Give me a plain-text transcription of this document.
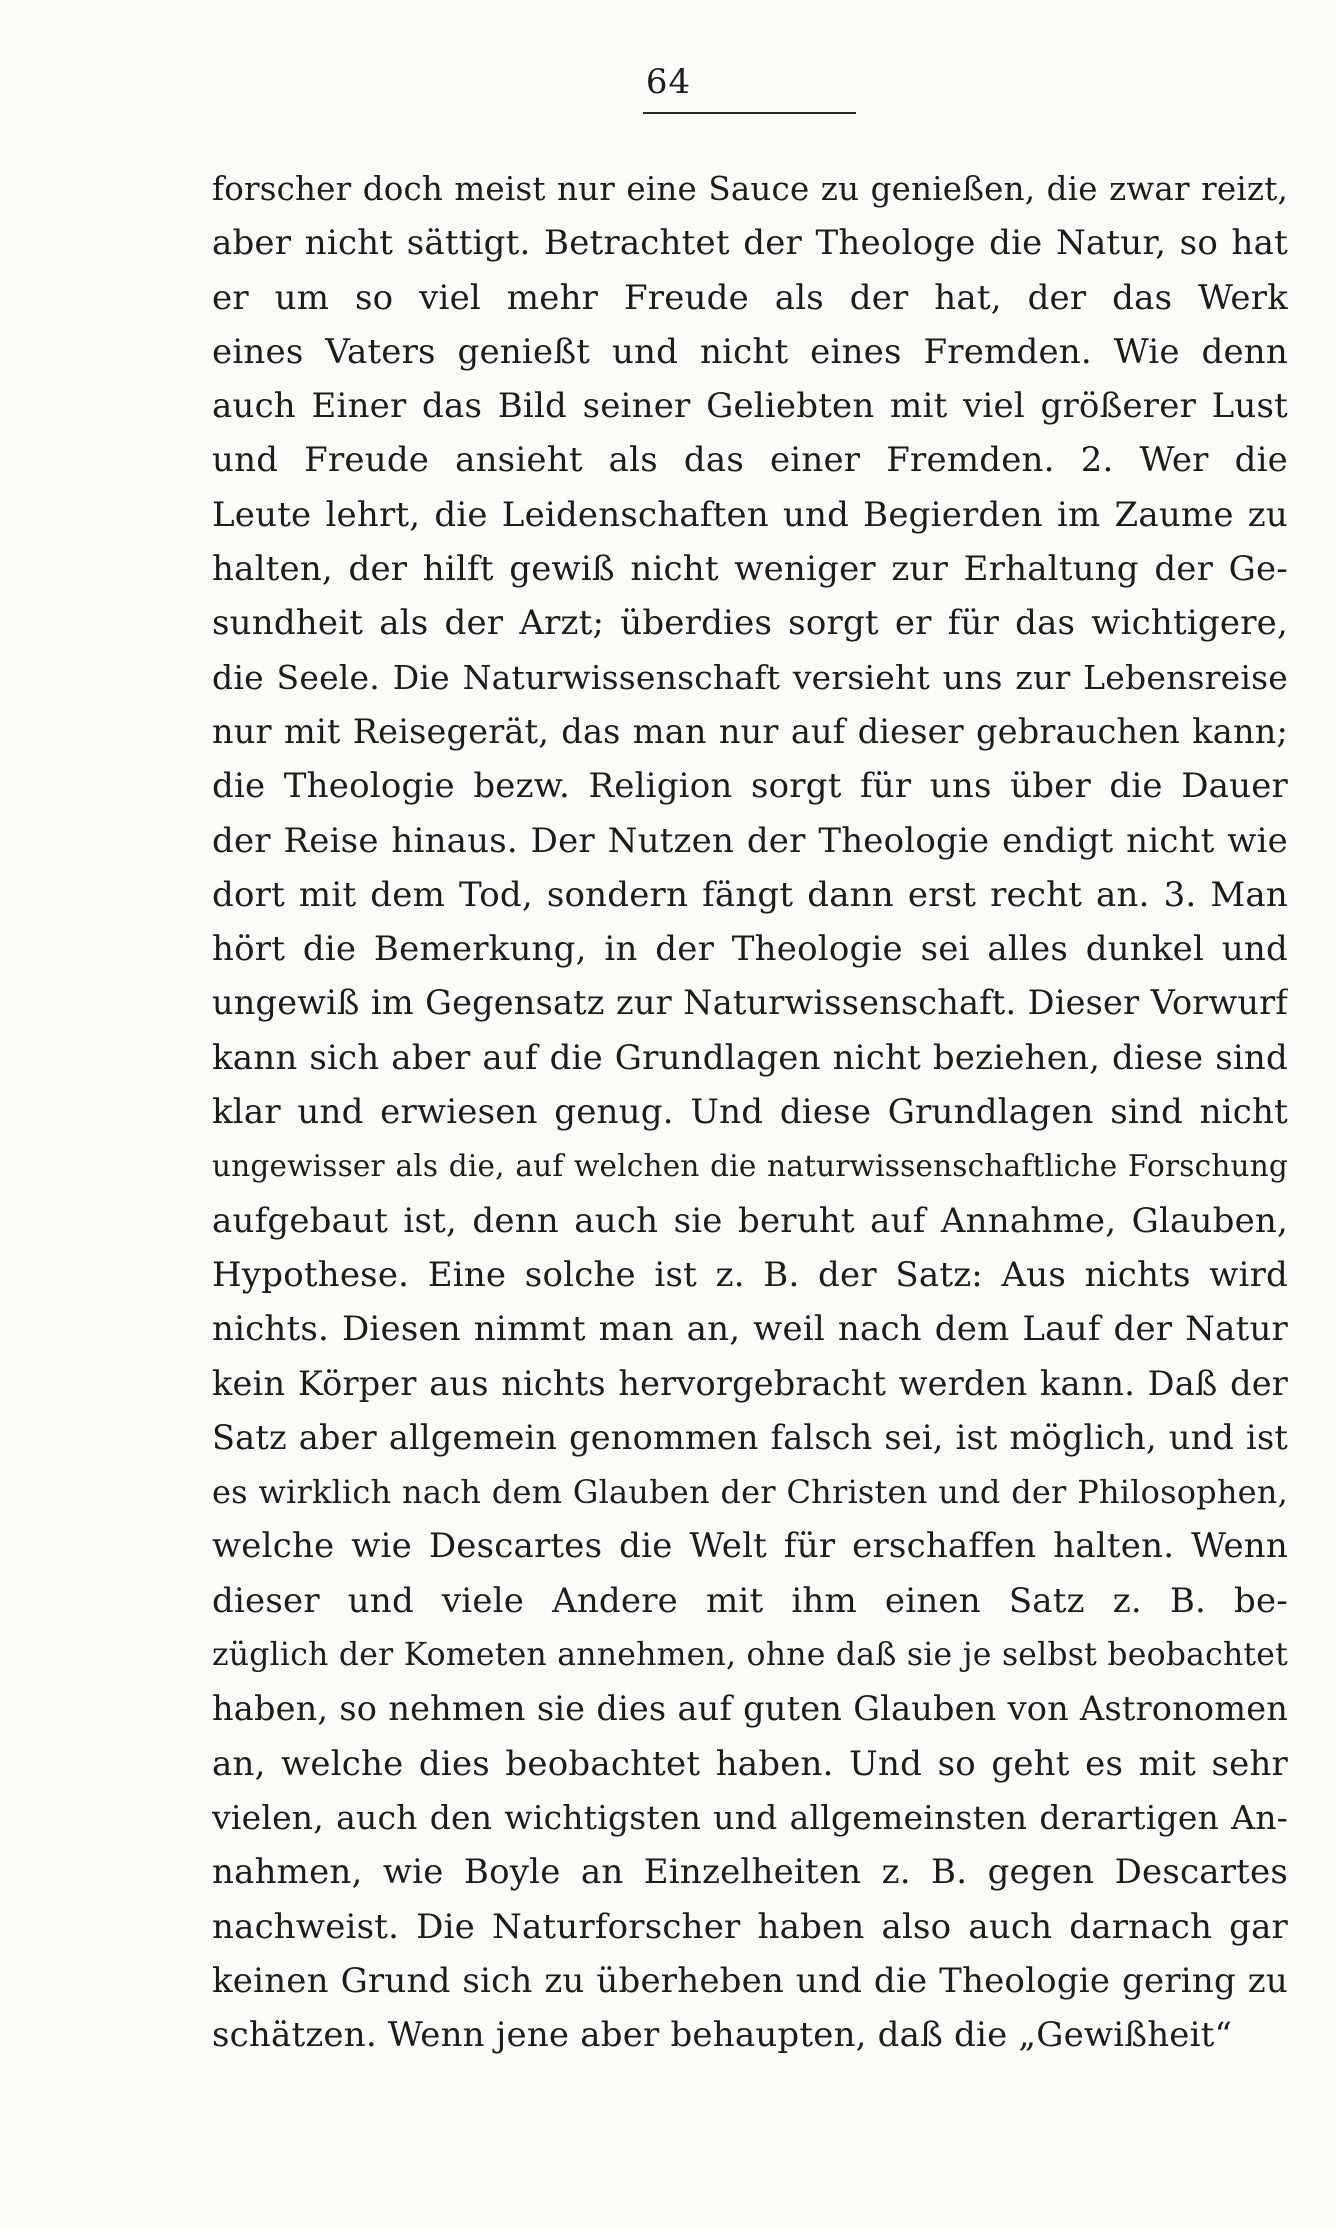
64
forscher doch meist nur eine Sauce zu genießen, die zwar reizt,
aber nicht sättigt. Betrachtet der Theologe die Natur, so hat
er um so viel mehr Freude als der hat, der das Werk
eines Vaters genießt und nicht eines Fremden. Wie denn
auch Einer das Bild seiner Geliebten mit viel größerer Lust
und Freude ansieht als das einer Fremden. 2. Wer die
Leute lehrt, die Leidenschaften und Begierden im Zaume zu
halten, der hilft gewiß nicht weniger zur Erhaltung der Ge-
sundheit als der Arzt; überdies sorgt er für das wichtigere,
die Seele. Die Naturwissenschaft versieht uns zur Lebensreise
nur mit Reisegerät, das man nur auf dieser gebrauchen kann;
die Theologie bezw. Religion sorgt für uns über die Dauer
der Reise hinaus. Der Nutzen der Theologie endigt nicht wie
dort mit dem Tod, sondern fängt dann erst recht an. 3. Man
hört die Bemerkung, in der Theologie sei alles dunkel und
ungewiß im Gegensatz zur Naturwissenschaft. Dieser Vorwurf
kann sich aber auf die Grundlagen nicht beziehen, diese sind
klar und erwiesen genug. Und diese Grundlagen sind nicht
ungewisser als die, auf welchen die naturwissenschaftliche Forschung
aufgebaut ist, denn auch sie beruht auf Annahme, Glauben,
Hypothese. Eine solche ist z. B. der Satz: Aus nichts wird
nichts. Diesen nimmt man an, weil nach dem Lauf der Natur
kein Körper aus nichts hervorgebracht werden kann. Daß der
Satz aber allgemein genommen falsch sei, ist möglich, und ist
es wirklich nach dem Glauben der Christen und der Philosophen,
welche wie Descartes die Welt für erschaffen halten. Wenn
dieser und viele Andere mit ihm einen Satz z. B. be-
züglich der Kometen annehmen, ohne daß sie je selbst beobachtet
haben, so nehmen sie dies auf guten Glauben von Astronomen
an, welche dies beobachtet haben. Und so geht es mit sehr
vielen, auch den wichtigsten und allgemeinsten derartigen An-
nahmen, wie Boyle an Einzelheiten z. B. gegen Descartes
nachweist. Die Naturforscher haben also auch darnach gar
keinen Grund sich zu überheben und die Theologie gering zu
schätzen. Wenn jene aber behaupten, daß die „Gewißheit“
